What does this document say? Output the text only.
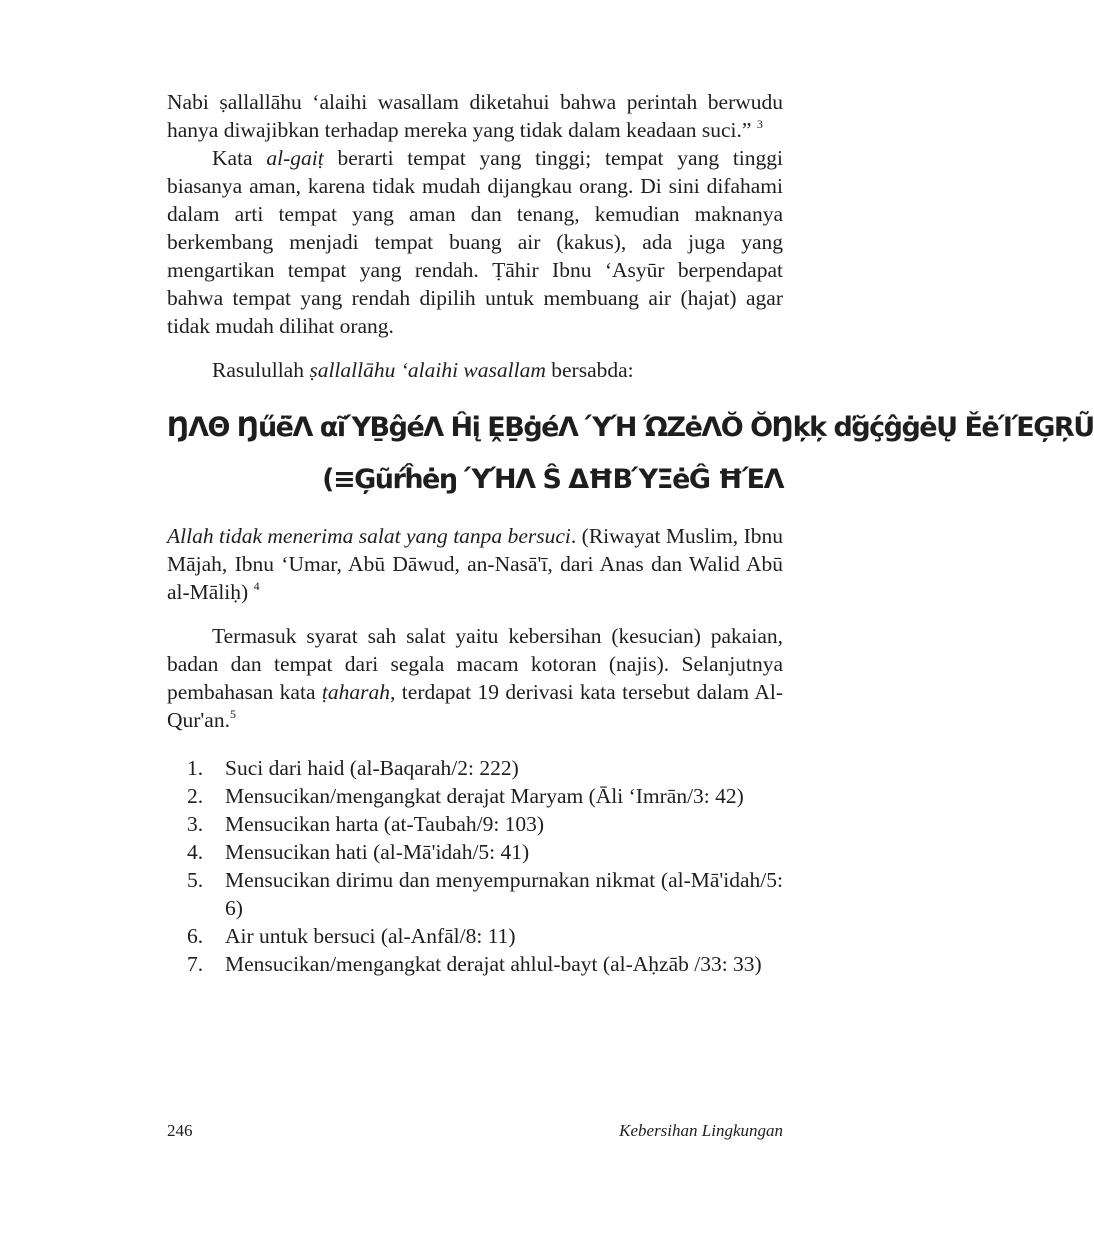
Nabi ṣallallāhu ‘alaihi wasallam diketahui bahwa perintah berwudu hanya diwajibkan terhadap mereka yang tidak dalam keadaan suci.” $^3$

Kata al-gaiṭ berarti tempat yang tinggi; tempat yang tinggi biasanya aman, karena tidak mudah dijangkau orang. Di sini difahami dalam arti tempat yang aman dan tenang, kemudian maknanya berkembang menjadi tempat buang air (kakus), ada juga yang mengartikan tempat yang rendah. Ṭāhir Ibnu ‘Asyūr berpendapat bahwa tempat yang rendah dipilih untuk membuang air (hajat) agar tidak mudah dilihat orang.

Rasulullah ṣallallāhu ‘alaihi wasallam bersabda:

ŊΛΘ Ŋűë̃Λ αĩΎḆĝéΛ Ĥį ḘḆġéΛ ΎΉ ΏΖėΛŎ ŎŊķķ ďğḉĝġėŲ ĚėΊΈĢŖŨ
(≡Ģũŕĥėŋ ΎΉΛ Ŝ ΔĦΒΎΞėĜ ĦΈΛ

Allah tidak menerima salat yang tanpa bersuci. (Riwayat Muslim, Ibnu Mājah, Ibnu ‘Umar, Abū Dāwud, an-Nasā'ī, dari Anas dan Walid Abū al-Māliḥ) $^4$

Termasuk syarat sah salat yaitu kebersihan (kesucian) pakaian, badan dan tempat dari segala macam kotoran (najis). Selanjutnya pembahasan kata ṭaharah, terdapat 19 derivasi kata tersebut dalam Al-Qur'an.$^5$

1. Suci dari haid (al-Baqarah/2: 222)
2. Mensucikan/mengangkat derajat Maryam (Āli ‘Imrān/3: 42)
3. Mensucikan harta (at-Taubah/9: 103)
4. Mensucikan hati (al-Mā'idah/5: 41)
5. Mensucikan dirimu dan menyempurnakan nikmat (al-Mā'idah/5: 6)
6. Air untuk bersuci (al-Anfāl/8: 11)
7. Mensucikan/mengangkat derajat ahlul-bayt (al-Aḥzāb /33: 33)
246	Kebersihan Lingkungan
